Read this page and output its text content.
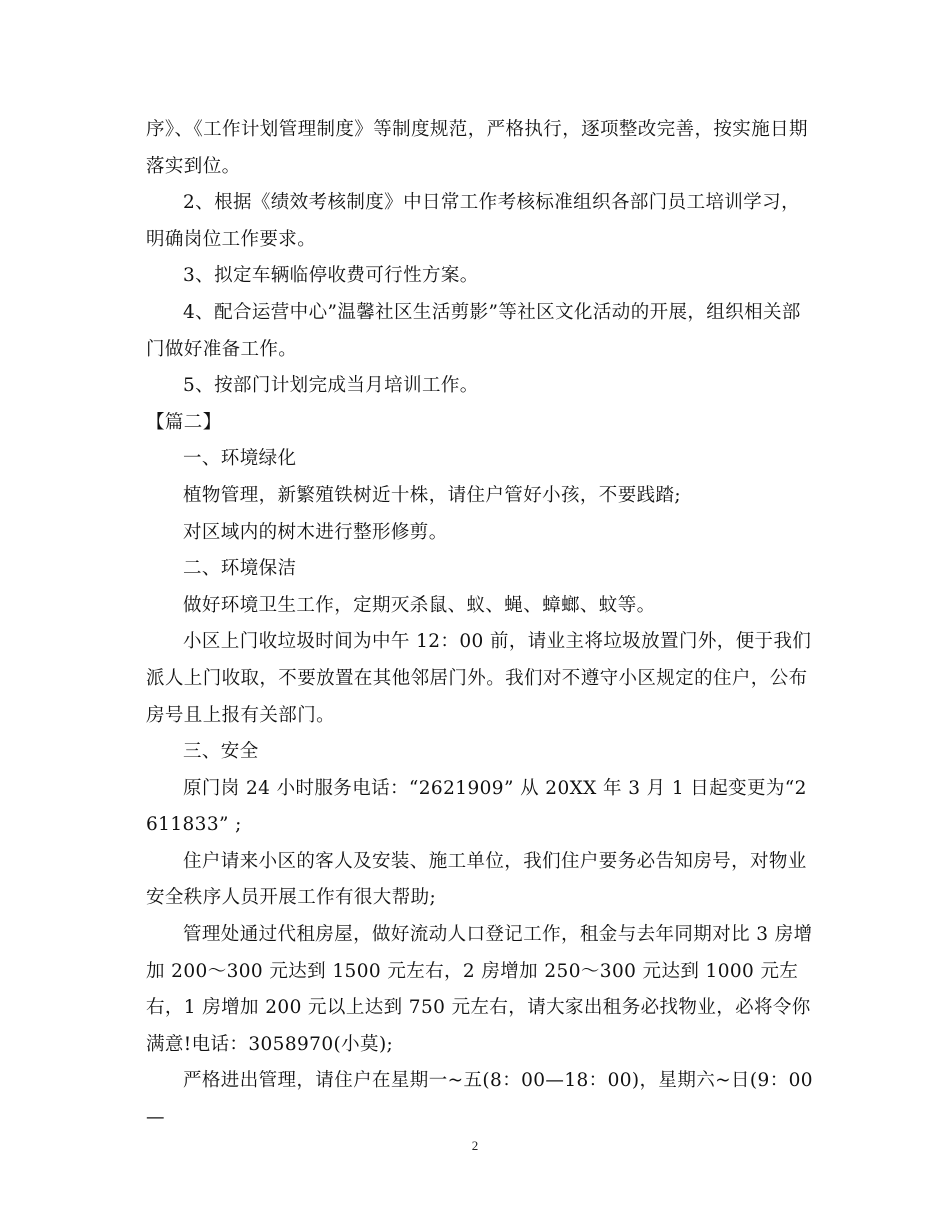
序》、《工作计划管理制度》等制度规范，严格执行，逐项整改完善，按实施日期落实到位。

2、根据《绩效考核制度》中日常工作考核标准组织各部门员工培训学习，明确岗位工作要求。

3、拟定车辆临停收费可行性方案。

4、配合运营中心”温馨社区生活剪影”等社区文化活动的开展，组织相关部门做好准备工作。

5、按部门计划完成当月培训工作。

【篇二】

一、环境绿化

植物管理，新繁殖铁树近十株，请住户管好小孩，不要践踏;

对区域内的树木进行整形修剪。

二、环境保洁

做好环境卫生工作，定期灭杀鼠、蚁、蝇、蟑螂、蚊等。

小区上门收垃圾时间为中午 12：00 前，请业主将垃圾放置门外，便于我们派人上门收取，不要放置在其他邻居门外。我们对不遵守小区规定的住户，公布房号且上报有关部门。

三、安全

原门岗 24 小时服务电话：“2621909” 从 20XX 年 3 月 1 日起变更为“2611833” ;

住户请来小区的客人及安装、施工单位，我们住户要务必告知房号，对物业安全秩序人员开展工作有很大帮助;

管理处通过代租房屋，做好流动人口登记工作，租金与去年同期对比 3 房增加 200～300 元达到 1500 元左右，2 房增加 250～300 元达到 1000 元左右，1 房增加 200 元以上达到 750 元左右，请大家出租务必找物业，必将令你满意!电话：3058970(小莫);

严格进出管理，请住户在星期一~五(8：00—18：00)，星期六~日(9：00—

2
